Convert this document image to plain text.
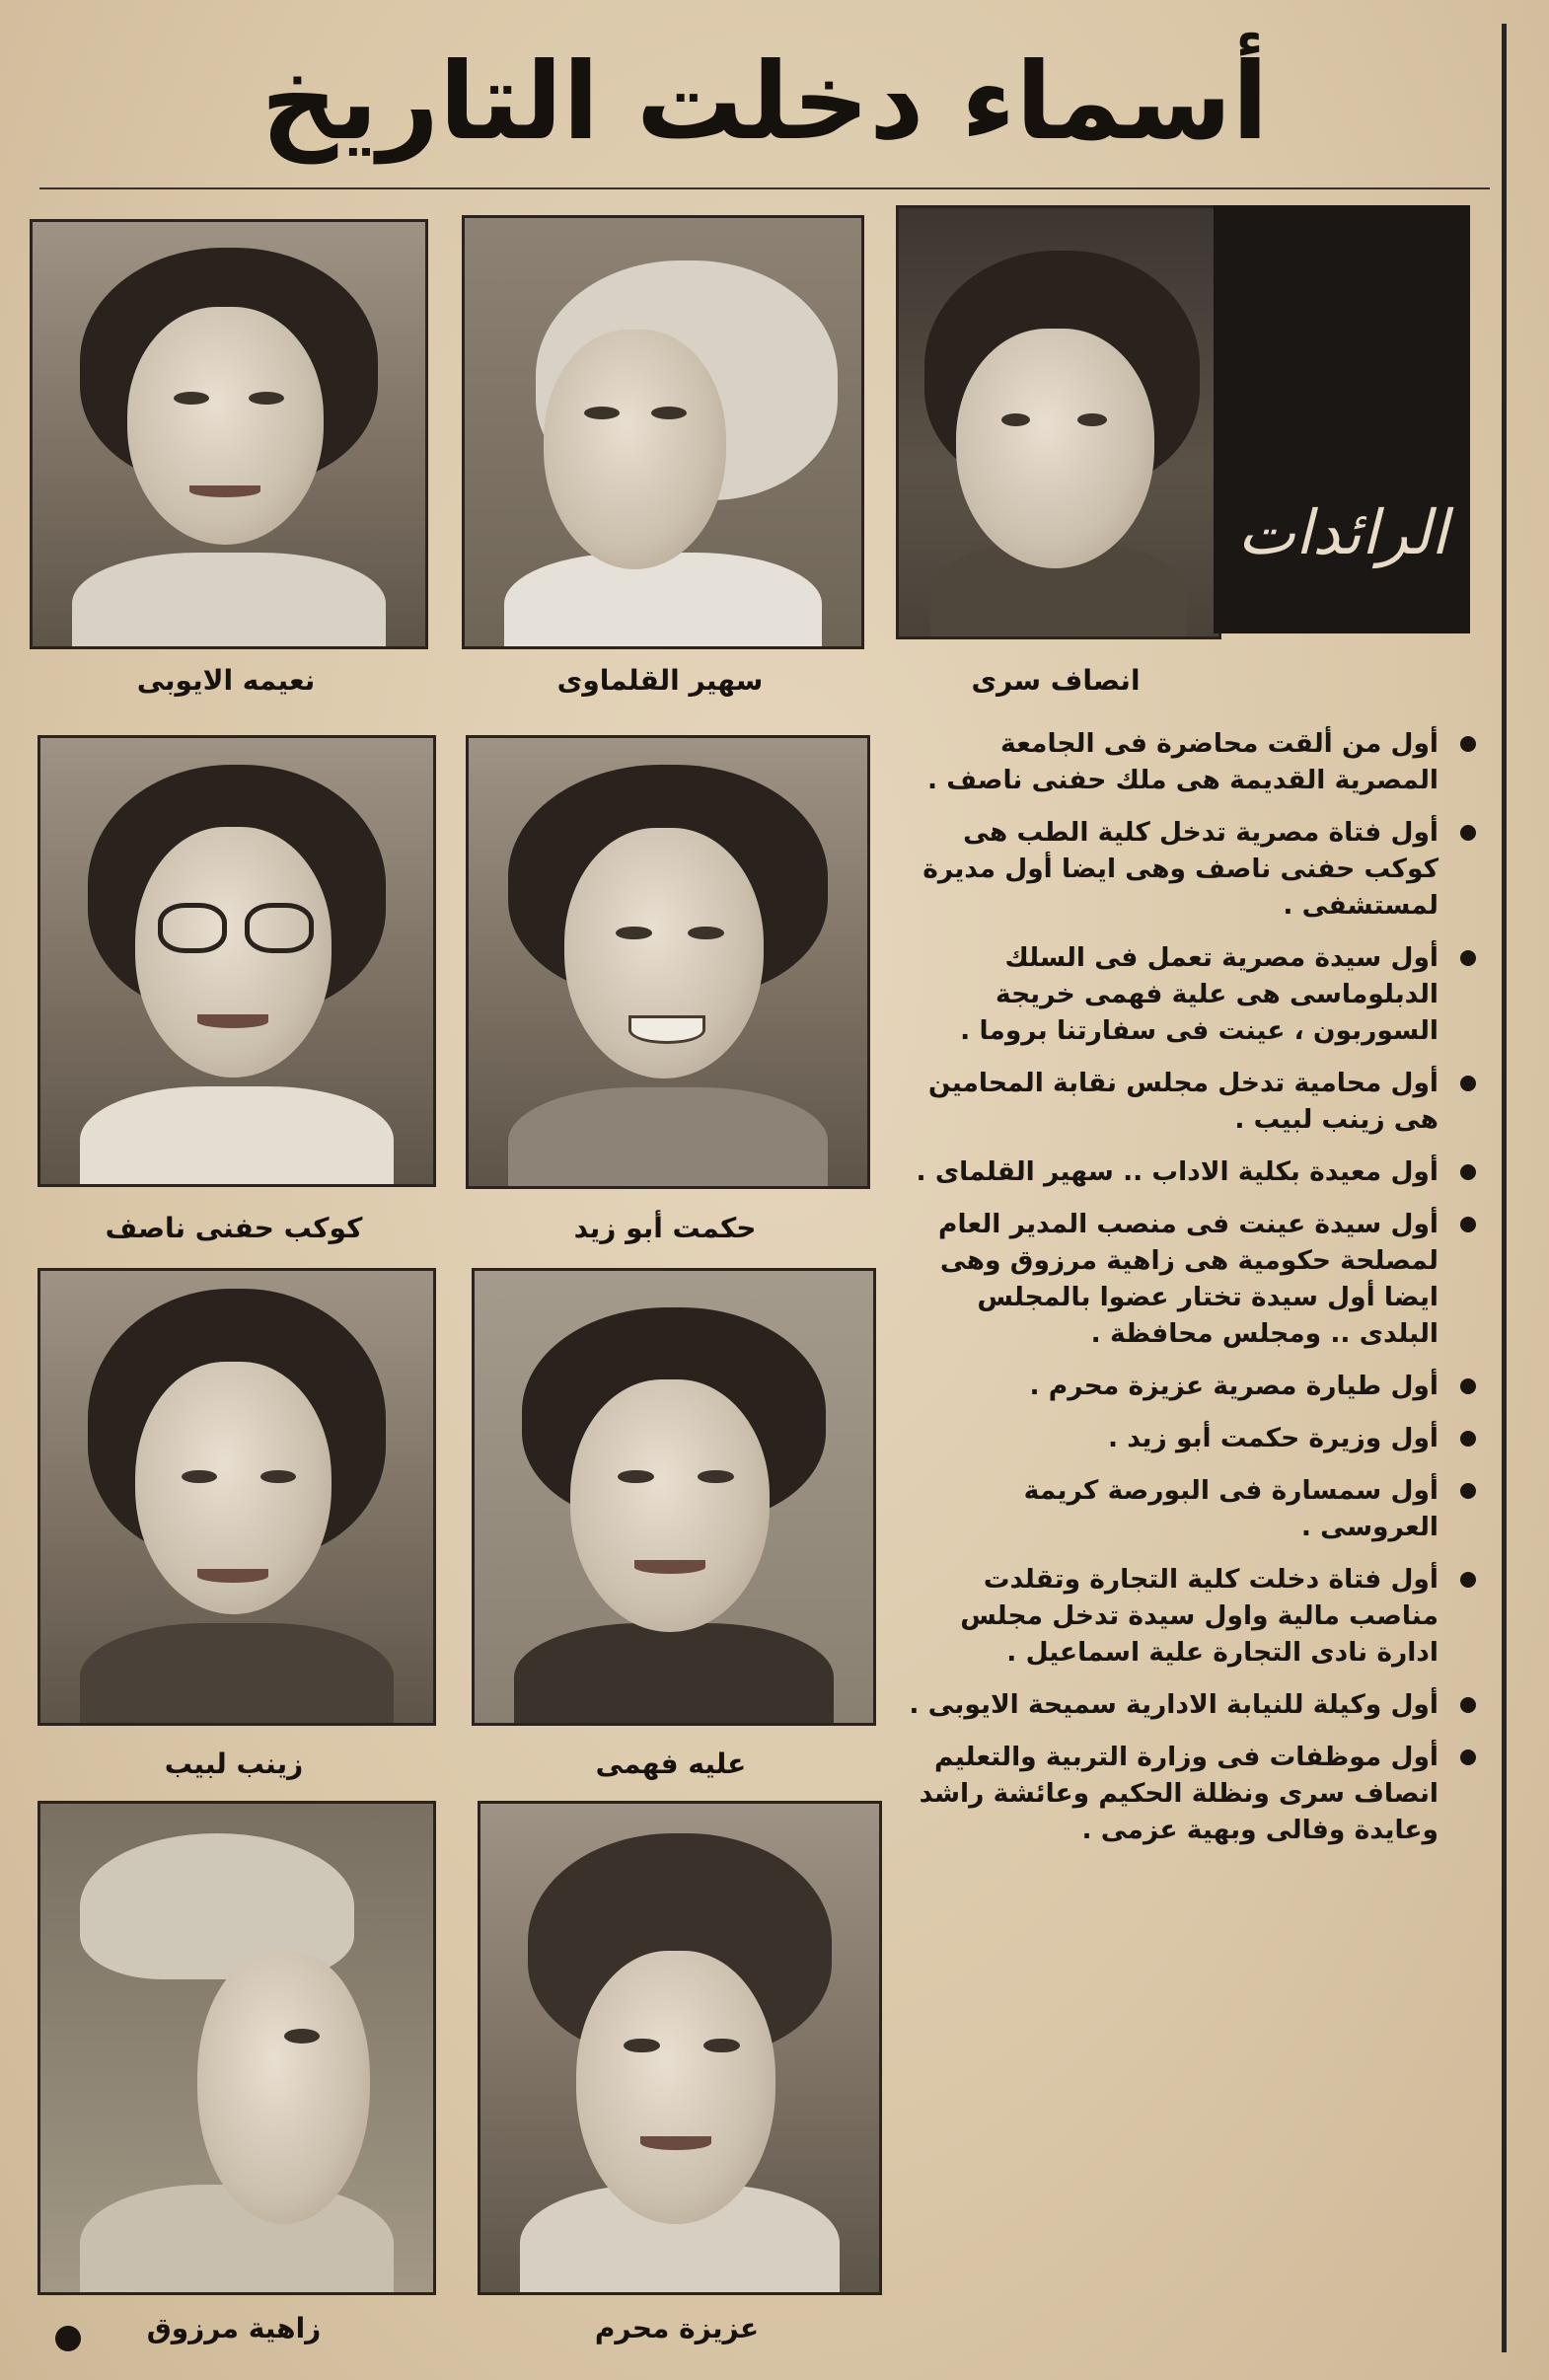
أسماء دخلت التاريخ
نعيمه الايوبى	سهير القلماوى
الرائدات
انصاف سرى
كوكب حفنى ناصف	حكمت أبو زيد
زينب لبيب	عليه فهمى
زاهية مرزوق	عزيزة محرم
أول من ألقت محاضرة فى الجامعة المصرية القديمة هى ملك حفنى ناصف .
أول فتاة مصرية تدخل كلية الطب هى كوكب حفنى ناصف وهى ايضا أول مديرة لمستشفى .
أول سيدة مصرية تعمل فى السلك الدبلوماسى هى علية فهمى خريجة السوربون ، عينت فى سفارتنا بروما .
أول محامية تدخل مجلس نقابة المحامين هى زينب لبيب .
أول معيدة بكلية الاداب .. سهير القلماى .
أول سيدة عينت فى منصب المدير العام لمصلحة حكومية هى زاهية مرزوق وهى ايضا أول سيدة تختار عضوا بالمجلس البلدى .. ومجلس محافظة .
أول طيارة مصرية عزيزة محرم .
أول وزيرة حكمت أبو زيد .
أول سمسارة فى البورصة كريمة العروسى .
أول فتاة دخلت كلية التجارة وتقلدت مناصب مالية واول سيدة تدخل مجلس ادارة نادى التجارة علية اسماعيل .
أول وكيلة للنيابة الادارية سميحة الايوبى .
أول موظفات فى وزارة التربية والتعليم انصاف سرى ونظلة الحكيم وعائشة راشد وعايدة وفالى وبهية عزمى .
